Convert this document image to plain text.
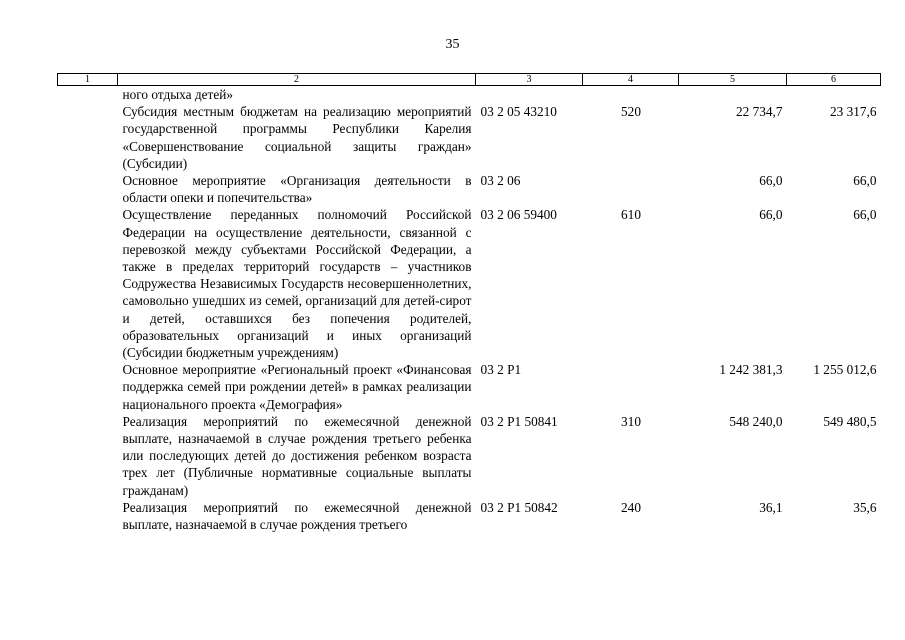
35
1	2	3	4	5	6
	ного отдыха детей»				
	Субсидия местным бюджетам на реализацию мероприятий государственной программы Республики Карелия «Совершенствование социальной защиты граждан» (Субсидии)	03 2 05 43210	520	22 734,7	23 317,6
	Основное мероприятие «Организация деятельности в области опеки и попечительства»	03 2 06		66,0	66,0
	Осуществление переданных полномочий Российской Федерации на осуществление деятельности, связанной с перевозкой между субъектами Российской Федерации, а также в пределах территорий государств – участников Содружества Независимых Государств несовершеннолетних, самовольно ушедших из семей, организаций для детей-сирот и детей, оставшихся без попечения родителей, образовательных организаций и иных организаций (Субсидии бюджетным учреждениям)	03 2 06 59400	610	66,0	66,0
	Основное мероприятие «Региональный проект «Финансовая поддержка семей при рождении детей» в рамках реализации национального проекта «Демография»	03 2 P1		1 242 381,3	1 255 012,6
	Реализация мероприятий по ежемесячной денежной выплате, назначаемой в случае рождения третьего ребенка или последующих детей до достижения ребенком возраста трех лет (Публичные нормативные социальные выплаты гражданам)	03 2 P1 50841	310	548 240,0	549 480,5
	Реализация мероприятий по ежемесячной денежной выплате, назначаемой в случае рождения третьего	03 2 P1 50842	240	36,1	35,6
